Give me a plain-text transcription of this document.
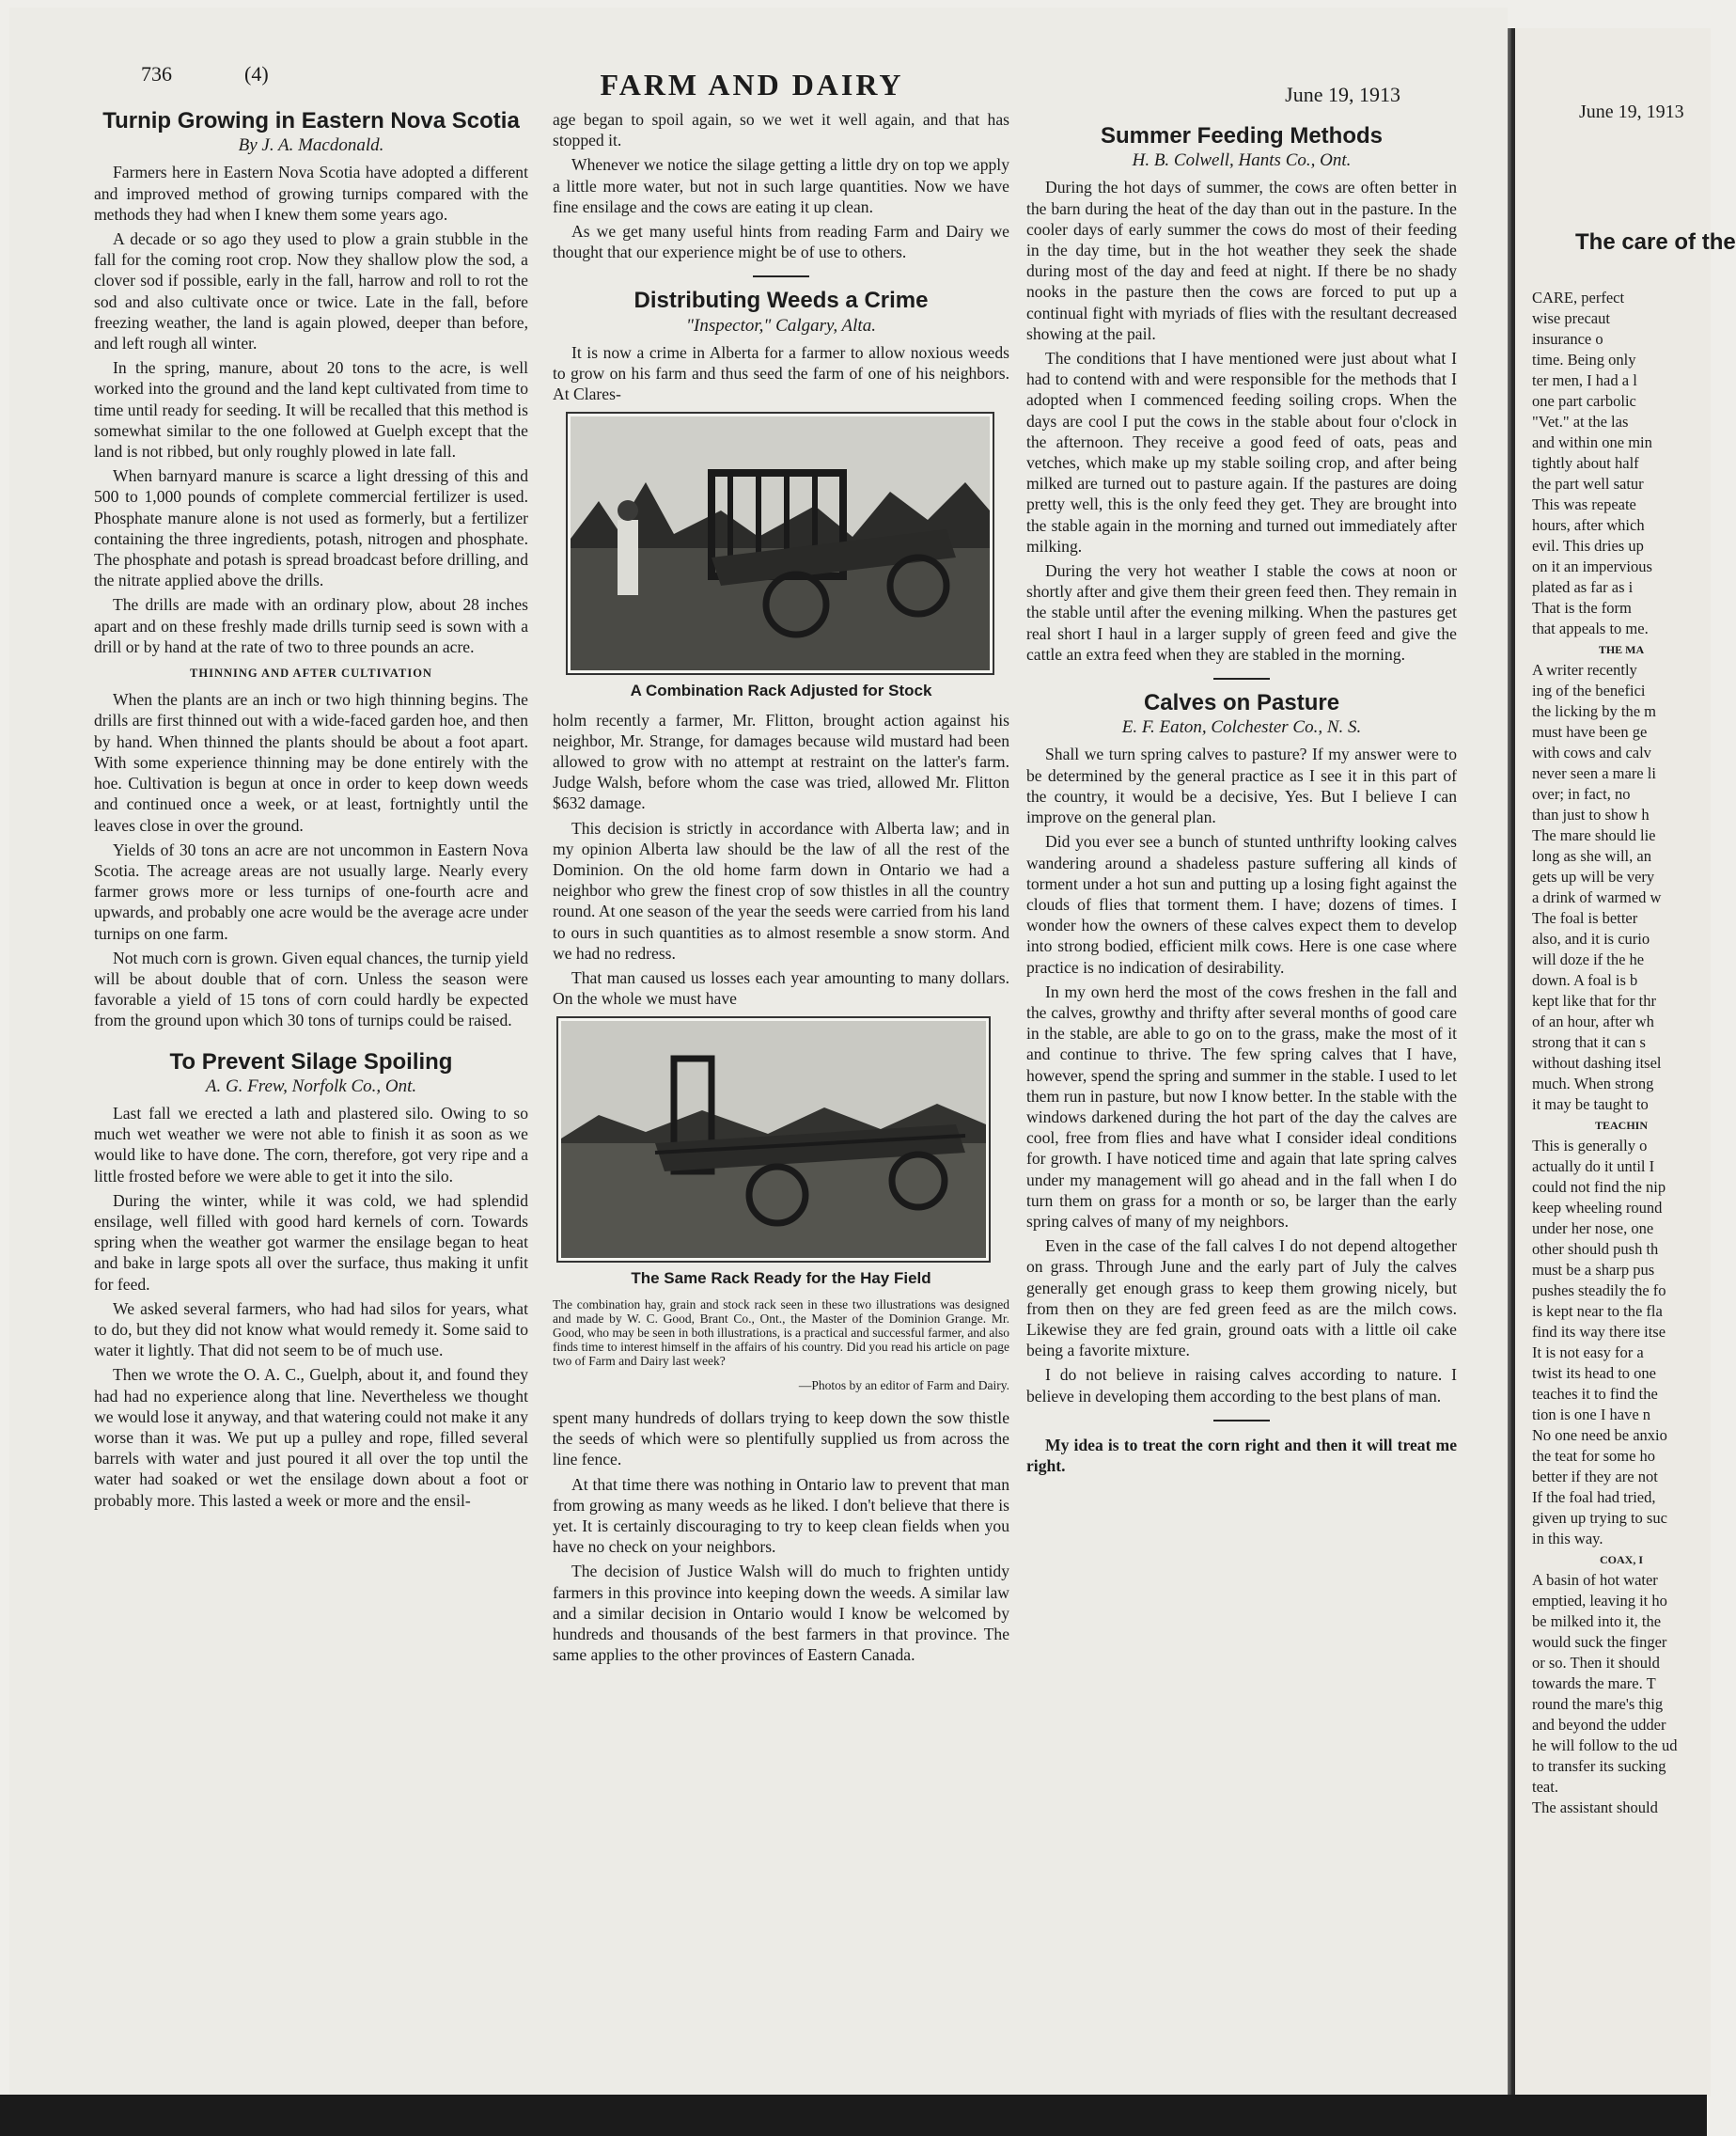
736	(4)	FARM AND DAIRY	June 19, 1913
Turnip Growing in Eastern Nova Scotia
By J. A. Macdonald.

Farmers here in Eastern Nova Scotia have adopted a different and improved method of growing turnips compared with the methods they had when I knew them some years ago.

A decade or so ago they used to plow a grain stubble in the fall for the coming root crop. Now they shallow plow the sod, a clover sod if possible, early in the fall, harrow and roll to rot the sod and also cultivate once or twice. Late in the fall, before freezing weather, the land is again plowed, deeper than before, and left rough all winter.

In the spring, manure, about 20 tons to the acre, is well worked into the ground and the land kept cultivated from time to time until ready for seeding. It will be recalled that this method is somewhat similar to the one followed at Guelph except that the land is not ribbed, but only roughly plowed in late fall.

When barnyard manure is scarce a light dressing of this and 500 to 1,000 pounds of complete commercial fertilizer is used. Phosphate manure alone is not used as formerly, but a fertilizer containing the three ingredients, potash, nitrogen and phosphate. The phosphate and potash is spread broadcast before drilling, and the nitrate applied above the drills.

The drills are made with an ordinary plow, about 28 inches apart and on these freshly made drills turnip seed is sown with a drill or by hand at the rate of two to three pounds an acre.

THINNING AND AFTER CULTIVATION

When the plants are an inch or two high thinning begins. The drills are first thinned out with a wide-faced garden hoe, and then by hand. When thinned the plants should be about a foot apart. With some experience thinning may be done entirely with the hoe. Cultivation is begun at once in order to keep down weeds and continued once a week, or at least, fortnightly until the leaves close in over the ground.

Yields of 30 tons an acre are not uncommon in Eastern Nova Scotia. The acreage areas are not usually large. Nearly every farmer grows more or less turnips of one-fourth acre and upwards, and probably one acre would be the average acre under turnips on one farm.

Not much corn is grown. Given equal chances, the turnip yield will be about double that of corn. Unless the season were favorable a yield of 15 tons of corn could hardly be expected from the ground upon which 30 tons of turnips could be raised.

To Prevent Silage Spoiling
A. G. Frew, Norfolk Co., Ont.

Last fall we erected a lath and plastered silo. Owing to so much wet weather we were not able to finish it as soon as we would like to have done. The corn, therefore, got very ripe and a little frosted before we were able to get it into the silo.

During the winter, while it was cold, we had splendid ensilage, well filled with good hard kernels of corn. Towards spring when the weather got warmer the ensilage began to heat and bake in large spots all over the surface, thus making it unfit for feed.

We asked several farmers, who had had silos for years, what to do, but they did not know what would remedy it. Some said to water it lightly. That did not seem to be of much use.

Then we wrote the O. A. C., Guelph, about it, and found they had had no experience along that line. Nevertheless we thought we would lose it anyway, and that watering could not make it any worse than it was. We put up a pulley and rope, filled several barrels with water and just poured it all over the top until the water had soaked or wet the ensilage down about a foot or probably more. This lasted a week or more and the ensil-

age began to spoil again, so we wet it well again, and that has stopped it.

Whenever we notice the silage getting a little dry on top we apply a little more water, but not in such large quantities. Now we have fine ensilage and the cows are eating it up clean.

As we get many useful hints from reading Farm and Dairy we thought that our experience might be of use to others.

Distributing Weeds a Crime
"Inspector," Calgary, Alta.

It is now a crime in Alberta for a farmer to allow noxious weeds to grow on his farm and thus seed the farm of one of his neighbors. At Clares-

A Combination Rack Adjusted for Stock

holm recently a farmer, Mr. Flitton, brought action against his neighbor, Mr. Strange, for damages because wild mustard had been allowed to grow with no attempt at restraint on the latter's farm. Judge Walsh, before whom the case was tried, allowed Mr. Flitton $632 damage.

This decision is strictly in accordance with Alberta law; and in my opinion Alberta law should be the law of all the rest of the Dominion. On the old home farm down in Ontario we had a neighbor who grew the finest crop of sow thistles in all the country round. At one season of the year the seeds were carried from his land to ours in such quantities as to almost resemble a snow storm. And we had no redress.

That man caused us losses each year amounting to many dollars. On the whole we must have

The Same Rack Ready for the Hay Field
The combination hay, grain and stock rack seen in these two illustrations was designed and made by W. C. Good, Brant Co., Ont., the Master of the Dominion Grange. Mr. Good, who may be seen in both illustrations, is a practical and successful farmer, and also finds time to interest himself in the affairs of his country. Did you read his article on page two of Farm and Dairy last week?
—Photos by an editor of Farm and Dairy.

spent many hundreds of dollars trying to keep down the sow thistle the seeds of which were so plentifully supplied us from across the line fence.

At that time there was nothing in Ontario law to prevent that man from growing as many weeds as he liked. I don't believe that there is yet. It is certainly discouraging to try to keep clean fields when you have no check on your neighbors.

The decision of Justice Walsh will do much to frighten untidy farmers in this province into keeping down the weeds. A similar law and a similar decision in Ontario would I know be welcomed by hundreds and thousands of the best farmers in that province. The same applies to the other provinces of Eastern Canada.

Summer Feeding Methods
H. B. Colwell, Hants Co., Ont.

During the hot days of summer, the cows are often better in the barn during the heat of the day than out in the pasture. In the cooler days of early summer the cows do most of their feeding in the day time, but in the hot weather they seek the shade during most of the day and feed at night. If there be no shady nooks in the pasture then the cows are forced to put up a continual fight with myriads of flies with the resultant decreased showing at the pail.

The conditions that I have mentioned were just about what I had to contend with and were responsible for the methods that I adopted when I commenced feeding soiling crops. When the days are cool I put the cows in the stable about four o'clock in the afternoon. They receive a good feed of oats, peas and vetches, which make up my stable soiling crop, and after being milked are turned out to pasture again. If the pastures are doing pretty well, this is the only feed they get. They are brought into the stable again in the morning and turned out immediately after milking.

During the very hot weather I stable the cows at noon or shortly after and give them their green feed then. They remain in the stable until after the evening milking. When the pastures get real short I haul in a larger supply of green feed and give the cattle an extra feed when they are stabled in the morning.

Calves on Pasture
E. F. Eaton, Colchester Co., N. S.

Shall we turn spring calves to pasture? If my answer were to be determined by the general practice as I see it in this part of the country, it would be a decisive, Yes. But I believe I can improve on the general plan.

Did you ever see a bunch of stunted unthrifty looking calves wandering around a shadeless pasture suffering all kinds of torment under a hot sun and putting up a losing fight against the clouds of flies that torment them. I have; dozens of times. I wonder how the owners of these calves expect them to develop into strong bodied, efficient milk cows. Here is one case where practice is no indication of desirability.

In my own herd the most of the cows freshen in the fall and the calves, growthy and thrifty after several months of good care in the stable, are able to go on to the grass, make the most of it and continue to thrive. The few spring calves that I have, however, spend the spring and summer in the stable. I used to let them run in pasture, but now I know better. In the stable with the windows darkened during the hot part of the day the calves are cool, free from flies and have what I consider ideal conditions for growth. I have noticed time and again that late spring calves under my management will go ahead and in the fall when I do turn them on grass for a month or so, be larger than the early spring calves of many of my neighbors.

Even in the case of the fall calves I do not depend altogether on grass. Through June and the early part of July the calves generally get enough grass to keep them growing nicely, but from then on they are fed green feed as are the milch cows. Likewise they are fed grain, ground oats with a little oil cake being a favorite mixture.

I do not believe in raising calves according to nature. I believe in developing them according to the best plans of man.

My idea is to treat the corn right and then it will treat me right.

June 19, 1913
The care of the
CARE, perfect
wise precaut
insurance o
time. Being only
ter men, I had a l
one part carbolic
"Vet." at the las
and within one min
tightly about half
the part well satur
This was repeate
hours, after which
evil. This dries up
on it an impervious
plated as far as i
That is the form
that appeals to me.
THE MA
A writer recently
ing of the benefici
the licking by the m
must have been ge
with cows and calv
never seen a mare li
over; in fact, no
than just to show h
The mare should lie
long as she will, an
gets up will be very
a drink of warmed w
The foal is better
also, and it is curio
will doze if the he
down. A foal is b
kept like that for thr
of an hour, after wh
strong that it can s
without dashing itsel
much. When strong
it may be taught to
TEACHIN
This is generally o
actually do it until I
could not find the nip
keep wheeling round
under her nose, one
other should push th
must be a sharp pus
pushes steadily the fo
is kept near to the fla
find its way there itse
It is not easy for a
twist its head to one
teaches it to find the
tion is one I have n
No one need be anxio
the teat for some ho
better if they are not
If the foal had tried,
given up trying to suc
in this way.
COAX, I
A basin of hot water
emptied, leaving it ho
be milked into it, the
would suck the finger
or so. Then it should
towards the mare. T
round the mare's thig
and beyond the udder
he will follow to the ud
to transfer its sucking
teat.
The assistant should
